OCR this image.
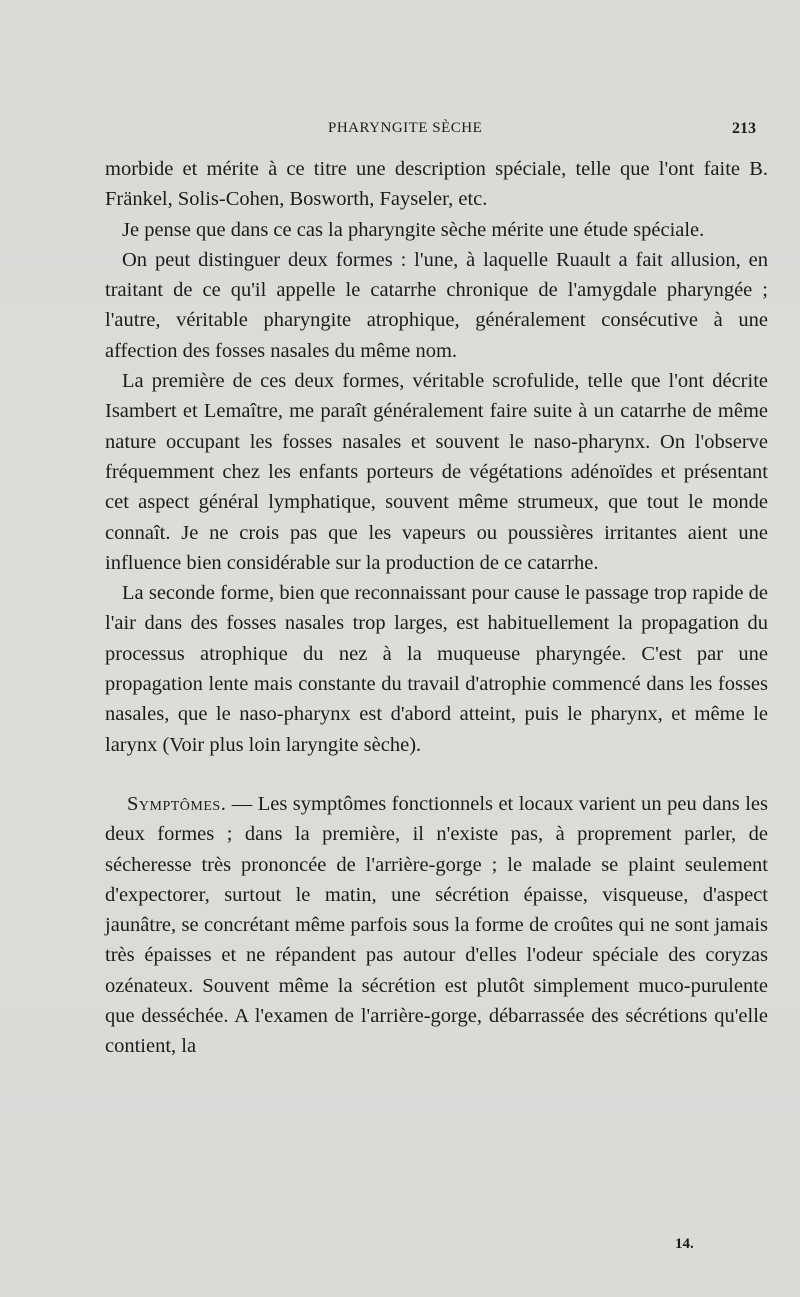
PHARYNGITE SÈCHE	213

morbide et mérite à ce titre une description spéciale, telle que l'ont faite B. Fränkel, Solis-Cohen, Bosworth, Fayseler, etc.

Je pense que dans ce cas la pharyngite sèche mérite une étude spéciale.

On peut distinguer deux formes : l'une, à laquelle Ruault a fait allusion, en traitant de ce qu'il appelle le catarrhe chronique de l'amygdale pharyngée ; l'autre, véritable pharyngite atrophique, généralement consécutive à une affection des fosses nasales du même nom.

La première de ces deux formes, véritable scrofulide, telle que l'ont décrite Isambert et Lemaître, me paraît généralement faire suite à un catarrhe de même nature occupant les fosses nasales et souvent le naso-pharynx. On l'observe fréquemment chez les enfants porteurs de végétations adénoïdes et présentant cet aspect général lymphatique, souvent même strumeux, que tout le monde connaît. Je ne crois pas que les vapeurs ou poussières irritantes aient une influence bien considérable sur la production de ce catarrhe.

La seconde forme, bien que reconnaissant pour cause le passage trop rapide de l'air dans des fosses nasales trop larges, est habituellement la propagation du processus atrophique du nez à la muqueuse pharyngée. C'est par une propagation lente mais constante du travail d'atrophie commencé dans les fosses nasales, que le naso-pharynx est d'abord atteint, puis le pharynx, et même le larynx (Voir plus loin laryngite sèche).

Symptômes. — Les symptômes fonctionnels et locaux varient un peu dans les deux formes ; dans la première, il n'existe pas, à proprement parler, de sécheresse très prononcée de l'arrière-gorge ; le malade se plaint seulement d'expectorer, surtout le matin, une sécrétion épaisse, visqueuse, d'aspect jaunâtre, se concrétant même parfois sous la forme de croûtes qui ne sont jamais très épaisses et ne répandent pas autour d'elles l'odeur spéciale des coryzas ozénateux. Souvent même la sécrétion est plutôt simplement muco-purulente que desséchée. A l'examen de l'arrière-gorge, débarrassée des sécrétions qu'elle contient, la

14.
